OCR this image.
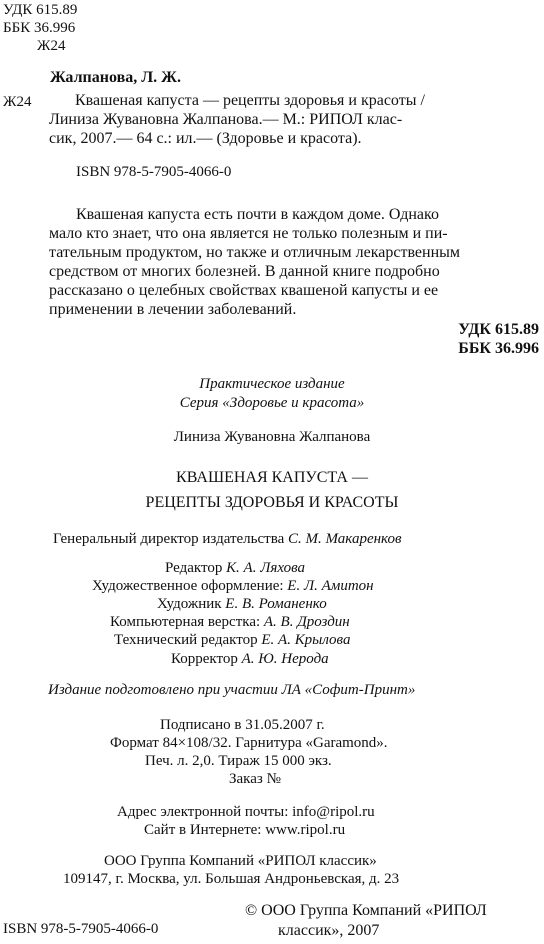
УДК 615.89
ББК 36.996
Ж24
Жалпанова, Л. Ж.
Ж24	Квашеная капуста — рецепты здоровья и красоты /
Линиза Жувановна Жалпанова.— М.: РИПОЛ клас-
сик, 2007.— 64 с.: ил.— (Здоровье и красота).
ISBN 978-5-7905-4066-0
Квашеная капуста есть почти в каждом доме. Однако
мало кто знает, что она является не только полезным и пи-
тательным продуктом, но также и отличным лекарственным
средством от многих болезней. В данной книге подробно
рассказано о целебных свойствах квашеной капусты и ее
применении в лечении заболеваний.
УДК 615.89
ББК 36.996
Практическое издание
Серия «Здоровье и красота»
Линиза Жувановна Жалпанова
КВАШЕНАЯ КАПУСТА —
РЕЦЕПТЫ ЗДОРОВЬЯ И КРАСОТЫ
Генеральный директор издательства С. М. Макаренков
Редактор К. А. Ляхова
Художественное оформление: Е. Л. Амитон
Художник Е. В. Романенко
Компьютерная верстка: А. В. Дроздин
Технический редактор Е. А. Крылова
Корректор А. Ю. Нерода
Издание подготовлено при участии ЛА «Софит-Принт»
Подписано в 31.05.2007 г.
Формат 84×108/32. Гарнитура «Garamond».
Печ. л. 2,0. Тираж 15 000 экз.
Заказ №
Адрес электронной почты: info@ripol.ru
Сайт в Интернете: www.ripol.ru
ООО Группа Компаний «РИПОЛ классик»
109147, г. Москва, ул. Большая Андроньевская, д. 23
ISBN 978-5-7905-4066-0
© ООО Группа Компаний «РИПОЛ
классик», 2007
